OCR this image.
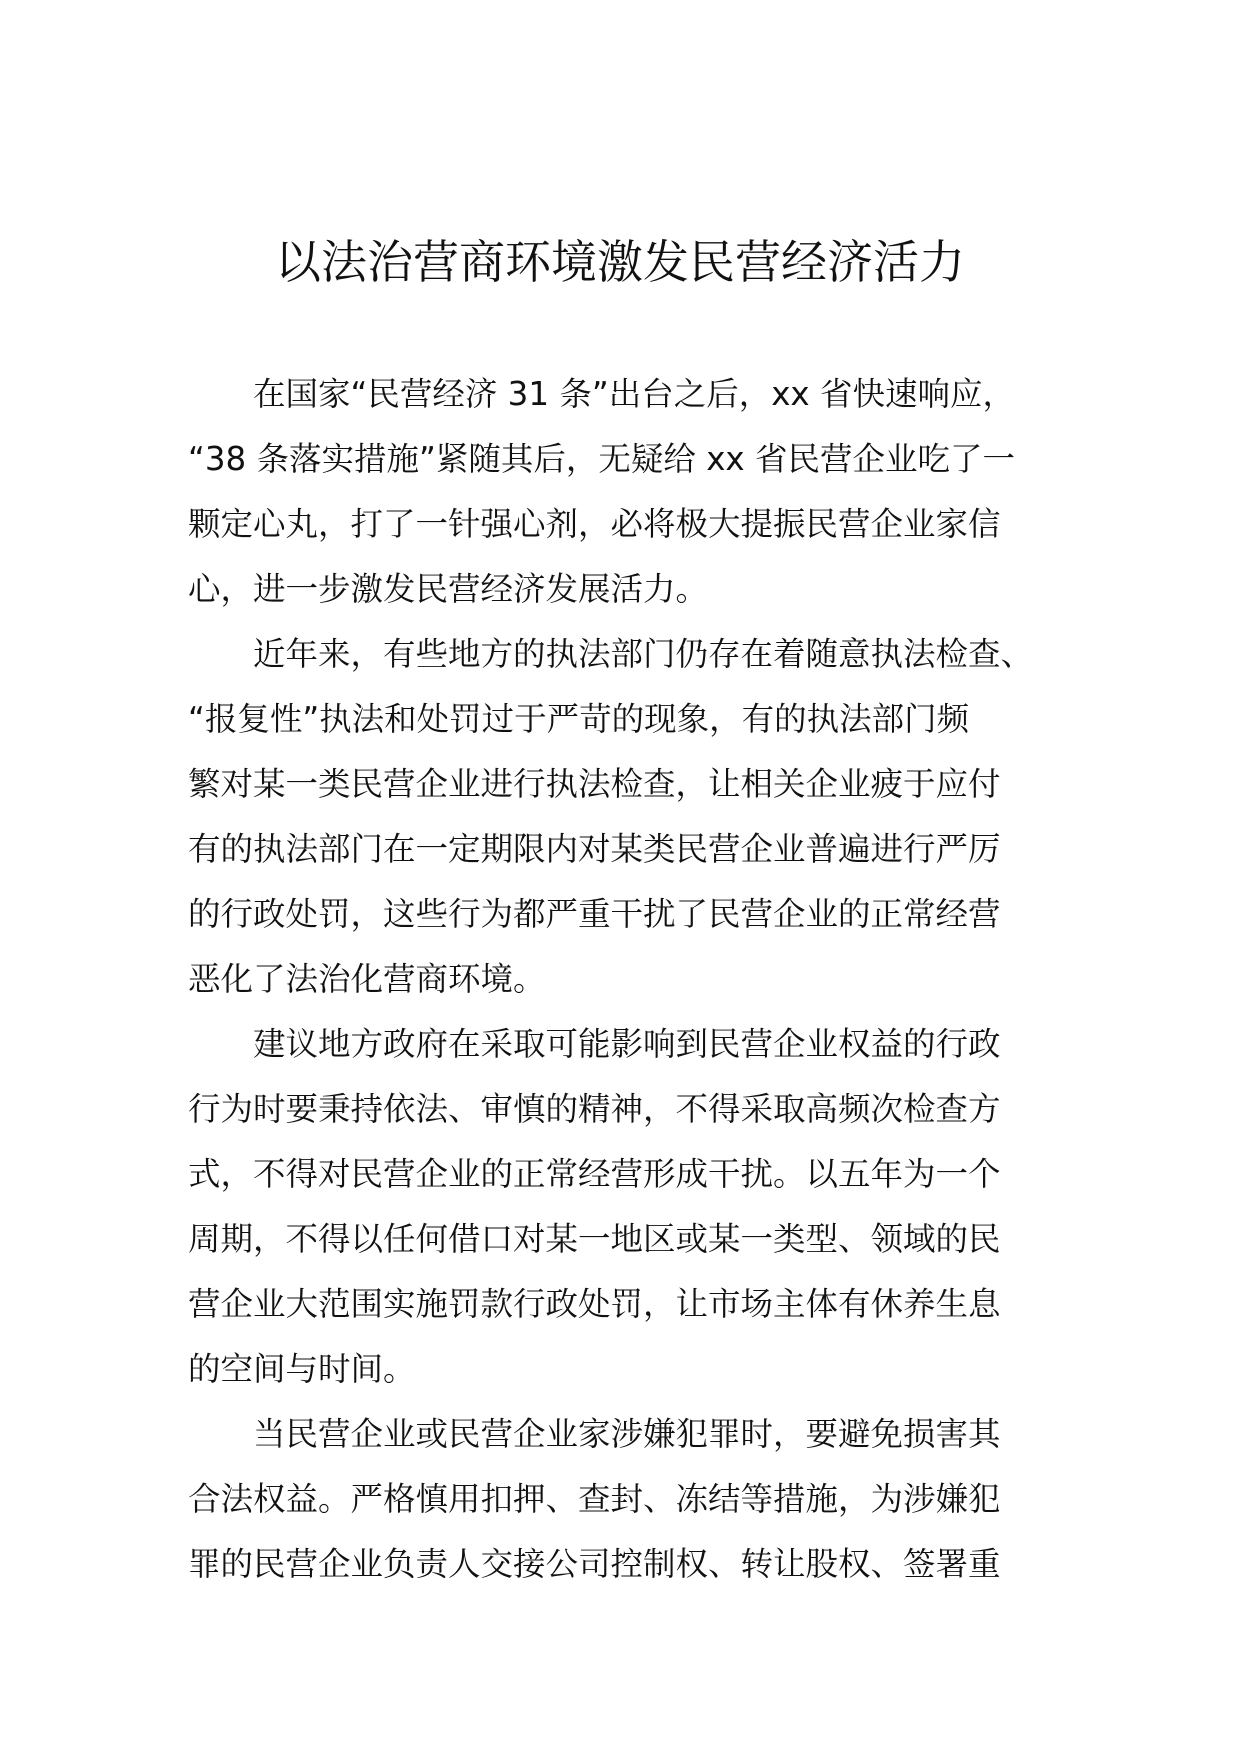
以法治营商环境激发民营经济活力
在国家“民营经济 31 条”出台之后，xx 省快速响应，
“38 条落实措施”紧随其后，无疑给 xx 省民营企业吃了一
颗定心丸，打了一针强心剂，必将极大提振民营企业家信
心，进一步激发民营经济发展活力。
近年来，有些地方的执法部门仍存在着随意执法检查、
“报复性”执法和处罚过于严苛的现象，有的执法部门频
繁对某一类民营企业进行执法检查，让相关企业疲于应付
有的执法部门在一定期限内对某类民营企业普遍进行严厉
的行政处罚，这些行为都严重干扰了民营企业的正常经营
恶化了法治化营商环境。
建议地方政府在采取可能影响到民营企业权益的行政
行为时要秉持依法、审慎的精神，不得采取高频次检查方
式，不得对民营企业的正常经营形成干扰。以五年为一个
周期，不得以任何借口对某一地区或某一类型、领域的民
营企业大范围实施罚款行政处罚，让市场主体有休养生息
的空间与时间。
当民营企业或民营企业家涉嫌犯罪时，要避免损害其
合法权益。严格慎用扣押、查封、冻结等措施，为涉嫌犯
罪的民营企业负责人交接公司控制权、转让股权、签署重
